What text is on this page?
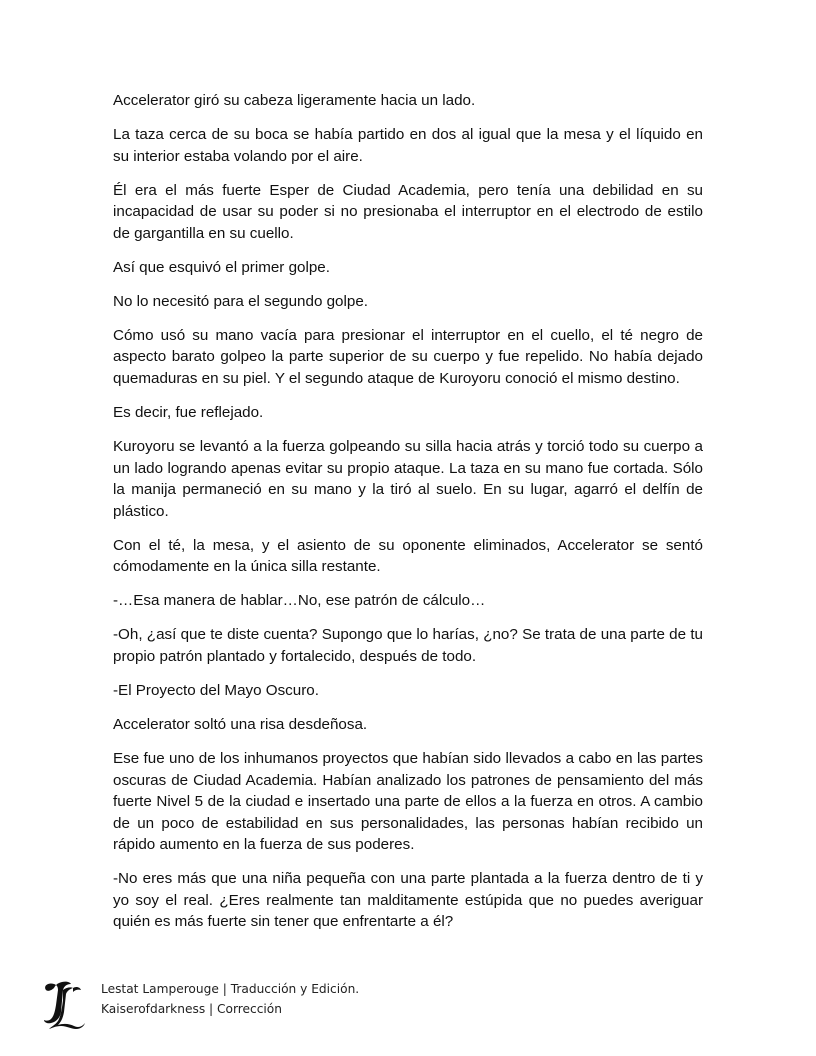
Accelerator giró su cabeza ligeramente hacia un lado.

La taza cerca de su boca se había partido en dos al igual que la mesa y el líquido en su interior estaba volando por el aire.

Él era el más fuerte Esper de Ciudad Academia, pero tenía una debilidad en su incapacidad de usar su poder si no presionaba el interruptor en el electrodo de estilo de gargantilla en su cuello.

Así que esquivó el primer golpe.

No lo necesitó para el segundo golpe.

Cómo usó su mano vacía para presionar el interruptor en el cuello, el té negro de aspecto barato golpeo la parte superior de su cuerpo y fue repelido. No había dejado quemaduras en su piel. Y el segundo ataque de Kuroyoru conoció el mismo destino.

Es decir, fue reflejado.

Kuroyoru se levantó a la fuerza golpeando su silla hacia atrás y torció todo su cuerpo a un lado logrando apenas evitar su propio ataque. La taza en su mano fue cortada. Sólo la manija permaneció en su mano y la tiró al suelo. En su lugar, agarró el delfín de plástico.

Con el té, la mesa, y el asiento de su oponente eliminados, Accelerator se sentó cómodamente en la única silla restante.

-…Esa manera de hablar…No, ese patrón de cálculo…

-Oh, ¿así que te diste cuenta? Supongo que lo harías, ¿no? Se trata de una parte de tu propio patrón plantado y fortalecido, después de todo.

-El Proyecto del Mayo Oscuro.

Accelerator soltó una risa desdeñosa.

Ese fue uno de los inhumanos proyectos que habían sido llevados a cabo en las partes oscuras de Ciudad Academia. Habían analizado los patrones de pensamiento del más fuerte Nivel 5 de la ciudad e insertado una parte de ellos a la fuerza en otros. A cambio de un poco de estabilidad en sus personalidades, las personas habían recibido un rápido aumento en la fuerza de sus poderes.

-No eres más que una niña pequeña con una parte plantada a la fuerza dentro de ti y yo soy el real. ¿Eres realmente tan malditamente estúpida que no puedes averiguar quién es más fuerte sin tener que enfrentarte a él?

Lestat Lamperouge | Traducción y Edición.
Kaiserofdarkness | Corrección
